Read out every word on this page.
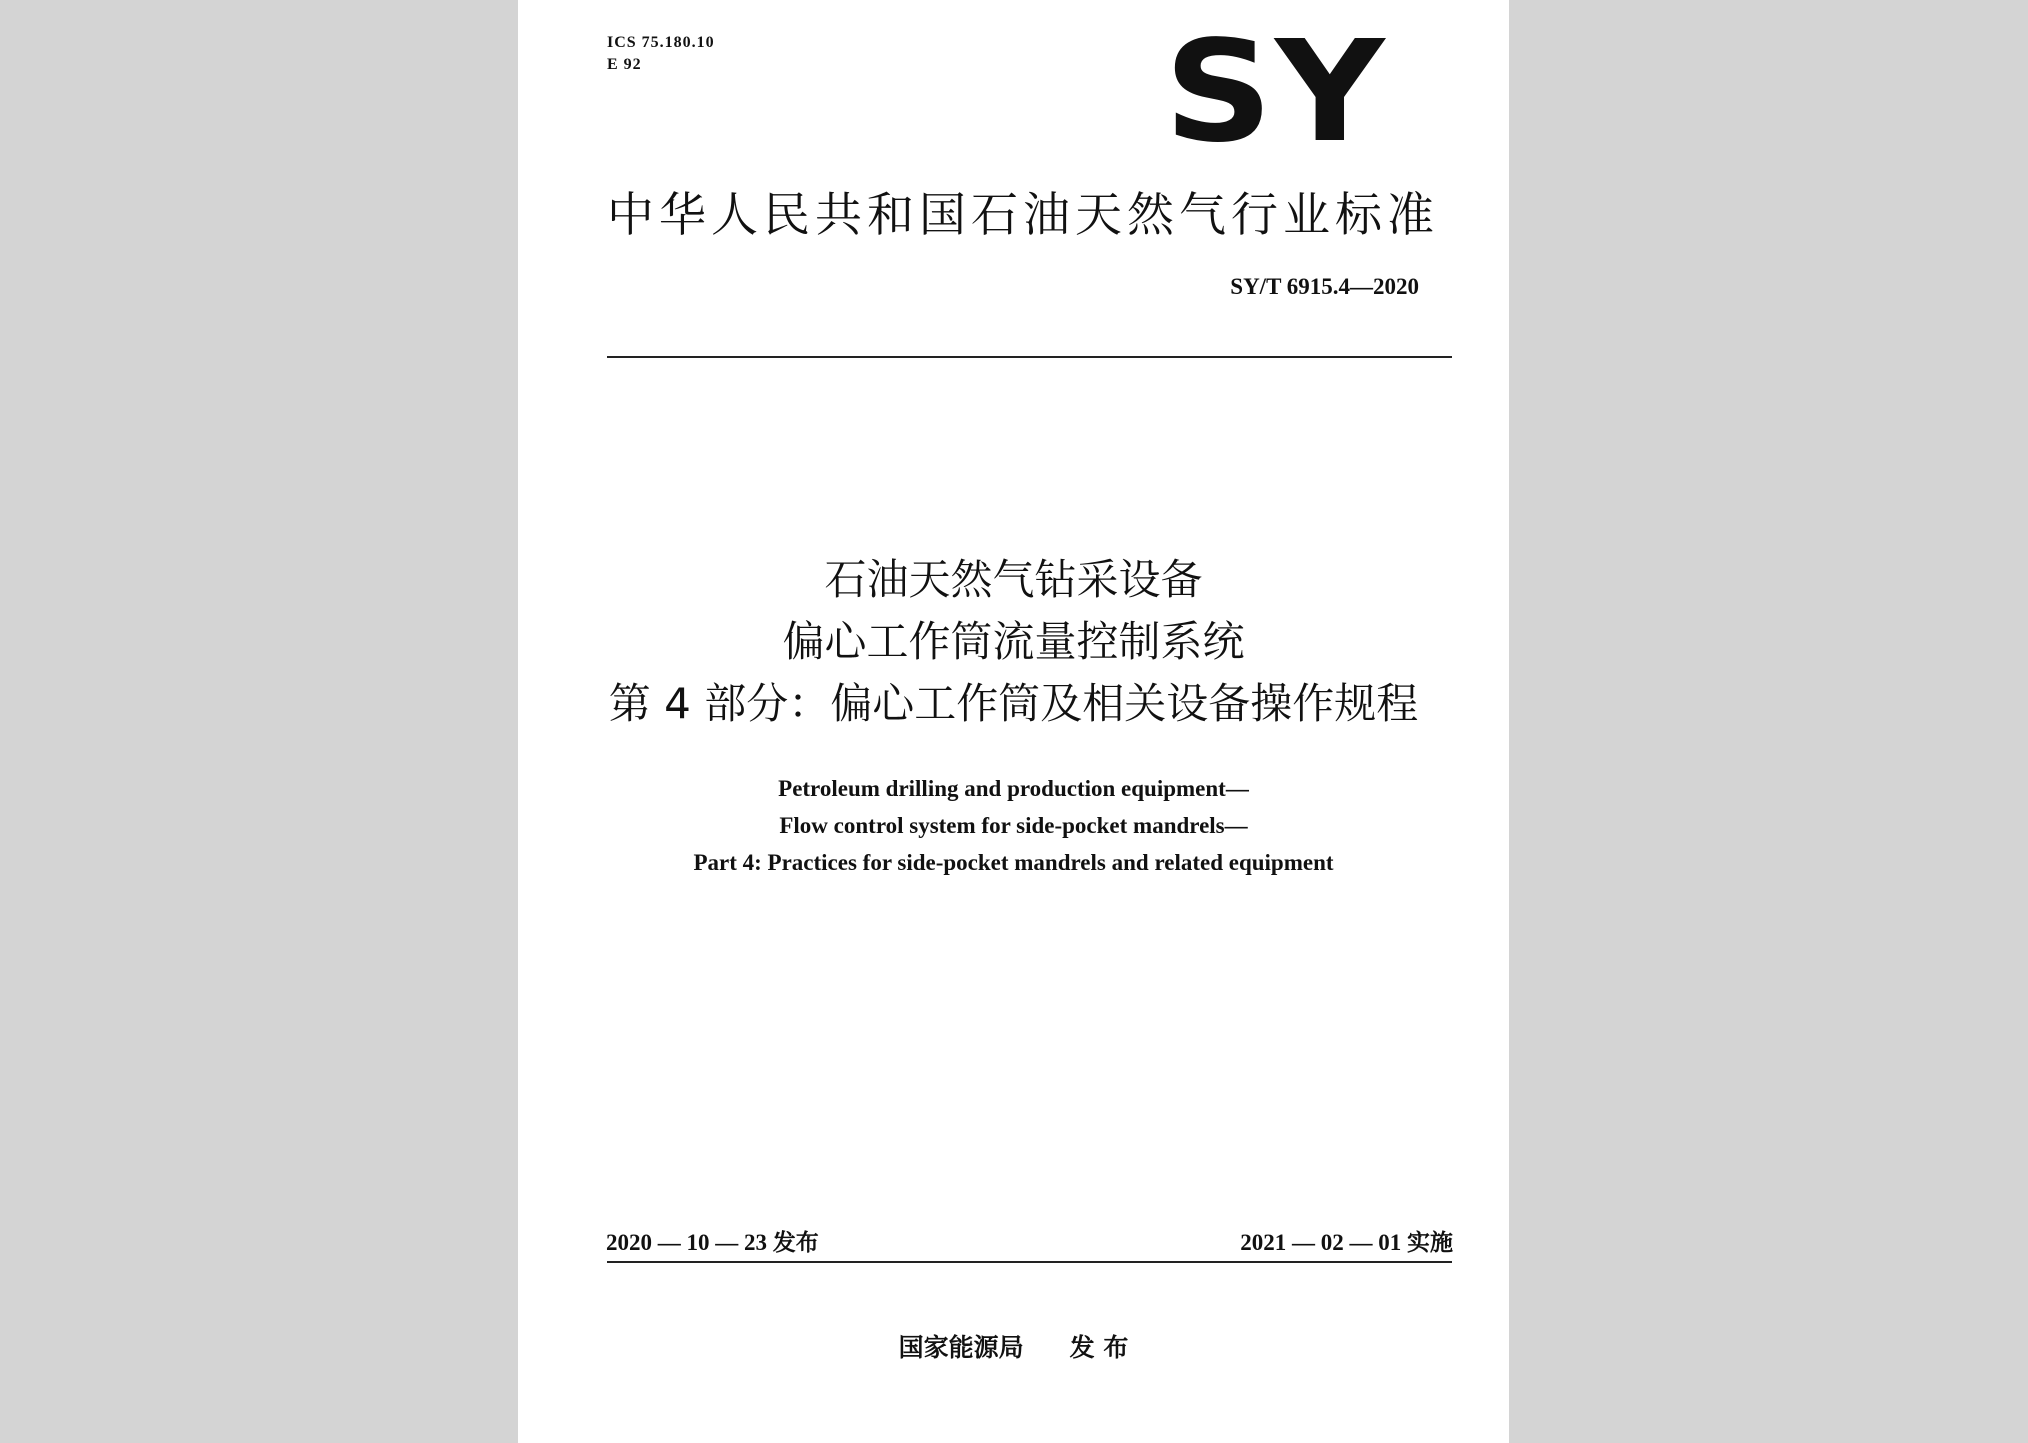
ICS 75.180.10
E 92	SY
中华人民共和国石油天然气行业标准
SY/T 6915.4—2020
石油天然气钻采设备
偏心工作筒流量控制系统
第 4 部分：偏心工作筒及相关设备操作规程
Petroleum drilling and production equipment—
Flow control system for side-pocket mandrels—
Part 4: Practices for side-pocket mandrels and related equipment
2020 — 10 — 23 发布	2021 — 02 — 01 实施
国家能源局 发 布
